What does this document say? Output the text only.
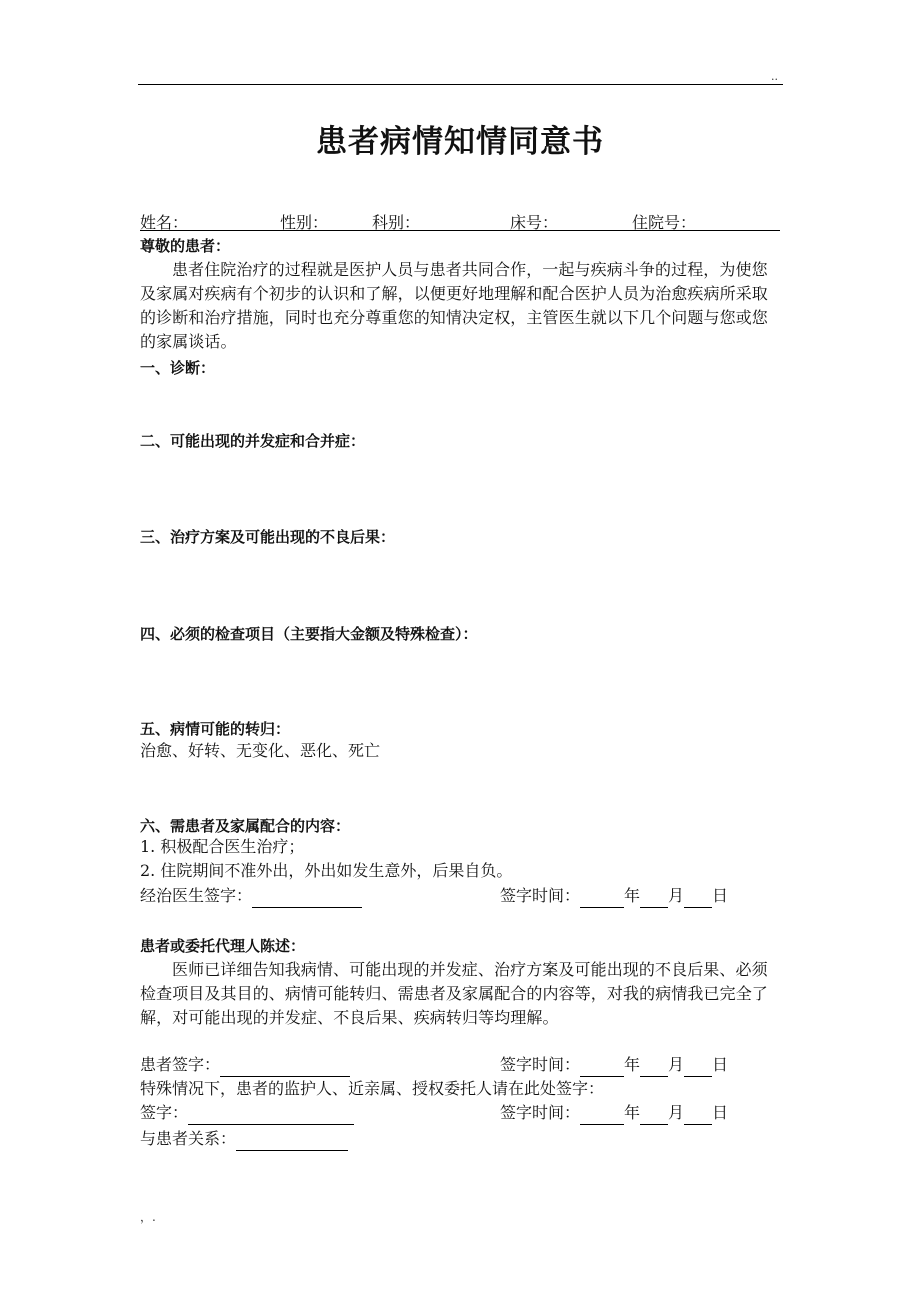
..
患者病情知情同意书
姓名：	性别：	科别：	床号：	住院号：
尊敬的患者：
患者住院治疗的过程就是医护人员与患者共同合作，一起与疾病斗争的过程，为使您及家属对疾病有个初步的认识和了解，以便更好地理解和配合医护人员为治愈疾病所采取的诊断和治疗措施，同时也充分尊重您的知情决定权，主管医生就以下几个问题与您或您的家属谈话。
一、诊断：
二、可能出现的并发症和合并症：
三、治疗方案及可能出现的不良后果：
四、必须的检查项目（主要指大金额及特殊检查）：
五、病情可能的转归：
治愈、好转、无变化、恶化、死亡
六、需患者及家属配合的内容：
1. 积极配合医生治疗；
2. 住院期间不准外出，外出如发生意外，后果自负。
经治医生签字：	签字时间：	年 月 日
患者或委托代理人陈述：
医师已详细告知我病情、可能出现的并发症、治疗方案及可能出现的不良后果、必须检查项目及其目的、病情可能转归、需患者及家属配合的内容等，对我的病情我已完全了解，对可能出现的并发症、不良后果、疾病转归等均理解。
患者签字：	签字时间：	年 月 日
特殊情况下，患者的监护人、近亲属、授权委托人请在此处签字：
签字：	签字时间：	年 月 日
与患者关系：
，.
